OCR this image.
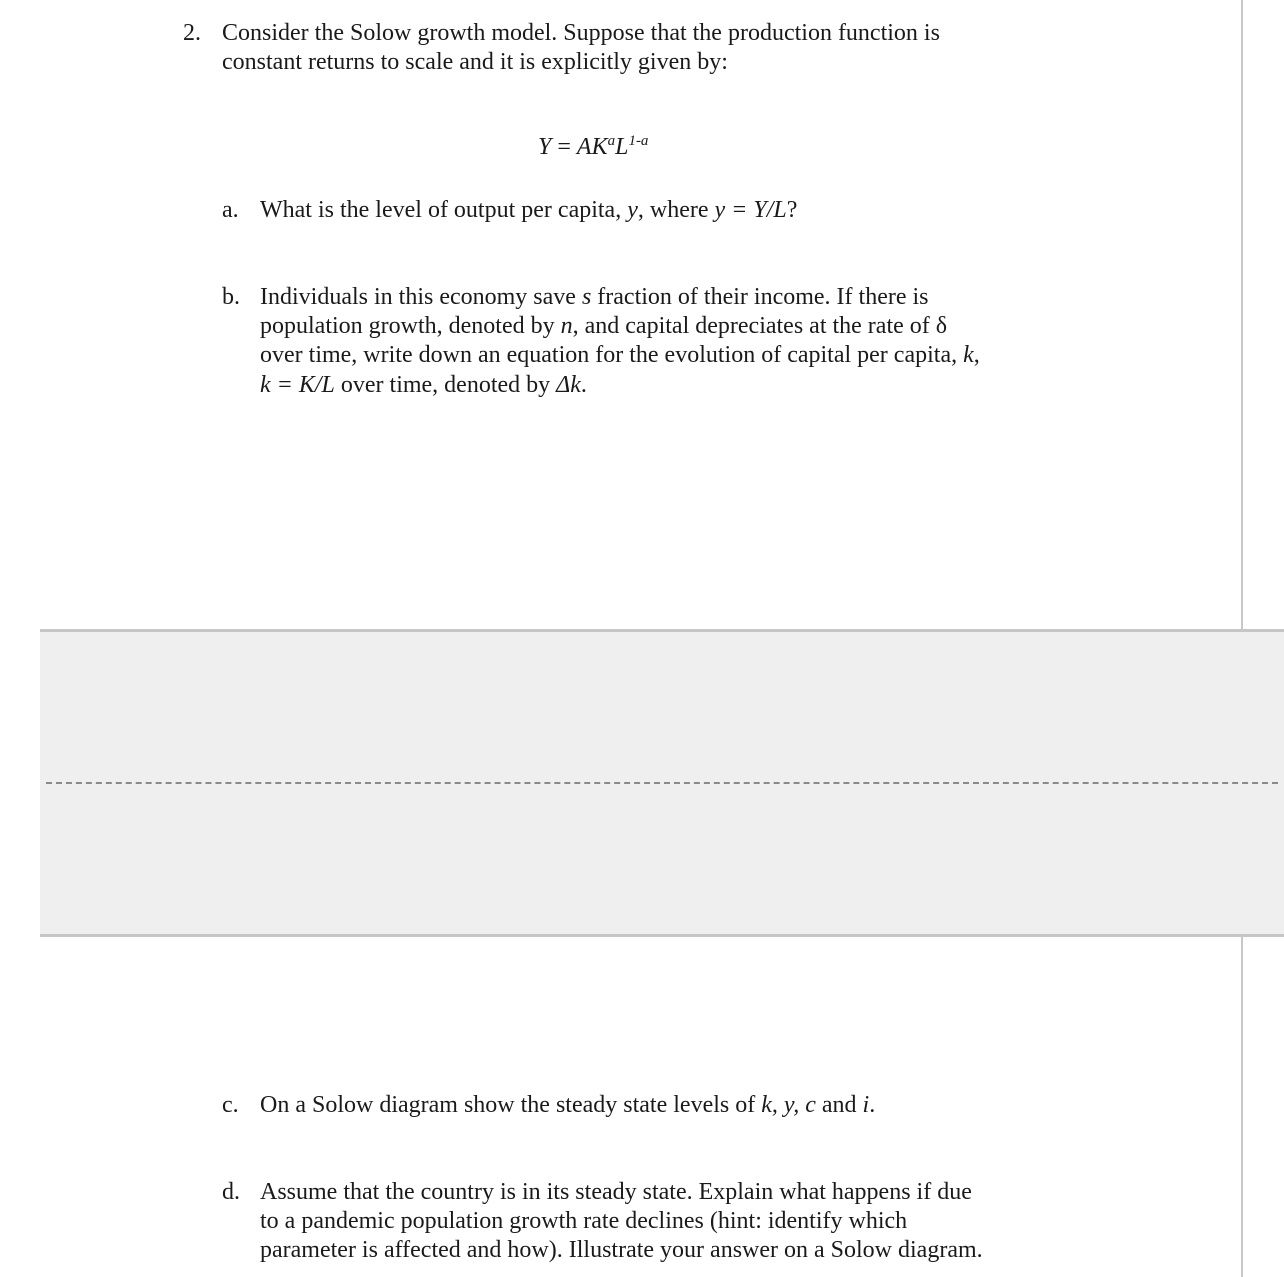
2. Consider the Solow growth model. Suppose that the production function is
constant returns to scale and it is explicitly given by:
$Y = AK^aL^{1-a}$
a. What is the level of output per capita, y, where y = Y/L?
b. Individuals in this economy save s fraction of their income. If there is
population growth, denoted by n, and capital depreciates at the rate of δ
over time, write down an equation for the evolution of capital per capita, k,
k = K/L over time, denoted by Δk.
c. On a Solow diagram show the steady state levels of k, y, c and i.
d. Assume that the country is in its steady state. Explain what happens if due
to a pandemic population growth rate declines (hint: identify which
parameter is affected and how). Illustrate your answer on a Solow diagram.
